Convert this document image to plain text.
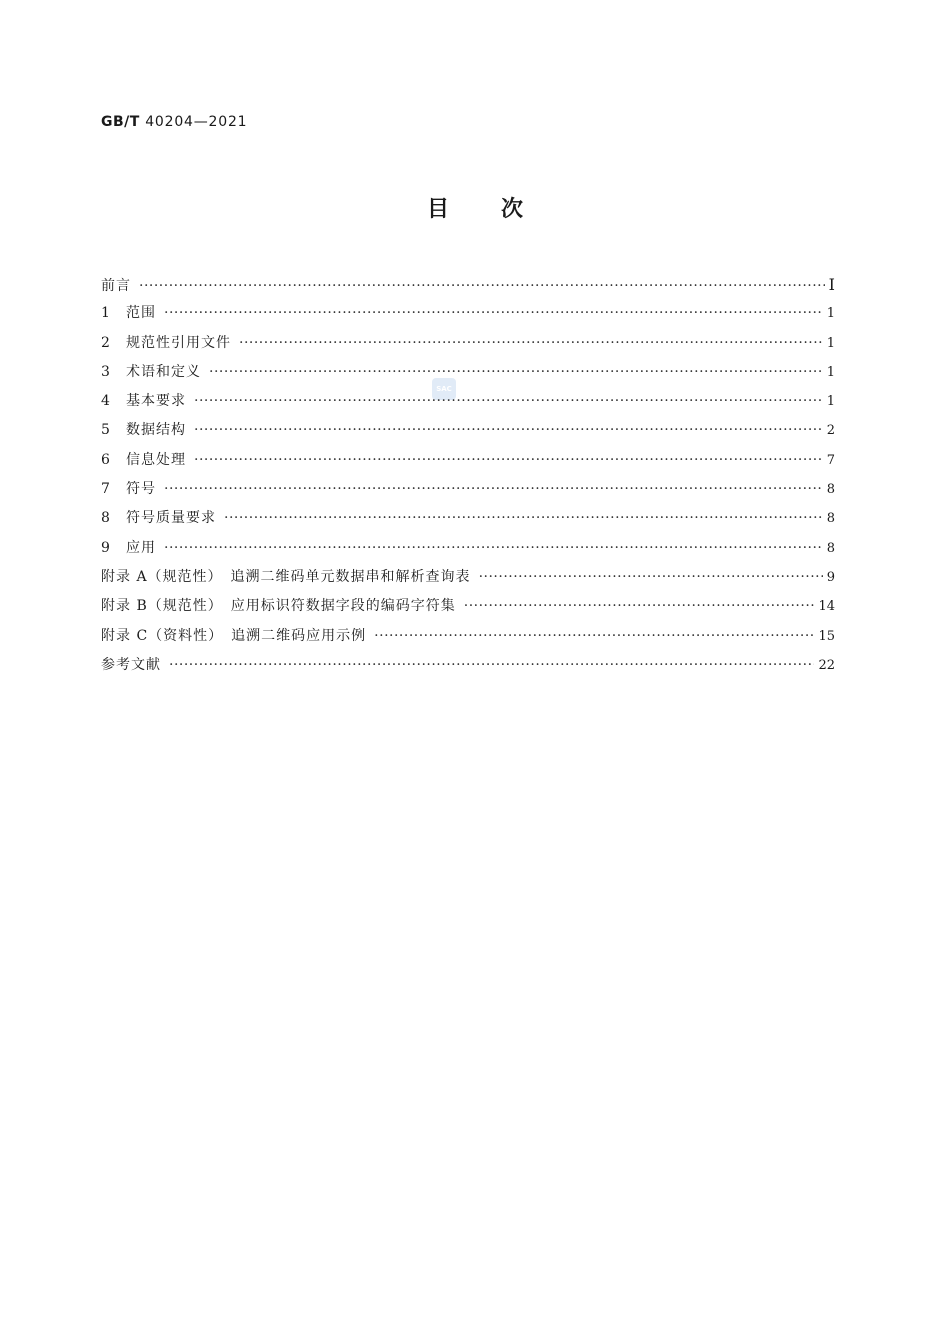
GB/T 40204—2021
目 次
SAC
前言 ·····	Ⅰ
1	范围 ·····	1
2	规范性引用文件 ·····	1
3	术语和定义 ·····	1
4	基本要求 ·····	1
5	数据结构 ·····	2
6	信息处理 ·····	7
7	符号 ·····	8
8	符号质量要求 ·····	8
9	应用 ·····	8
附录 A（规范性）　追溯二维码单元数据串和解析查询表 ·····	9
附录 B（规范性）　应用标识符数据字段的编码字符集 ·····	14
附录 C（资料性）　追溯二维码应用示例 ·····	15
参考文献 ·····	22
